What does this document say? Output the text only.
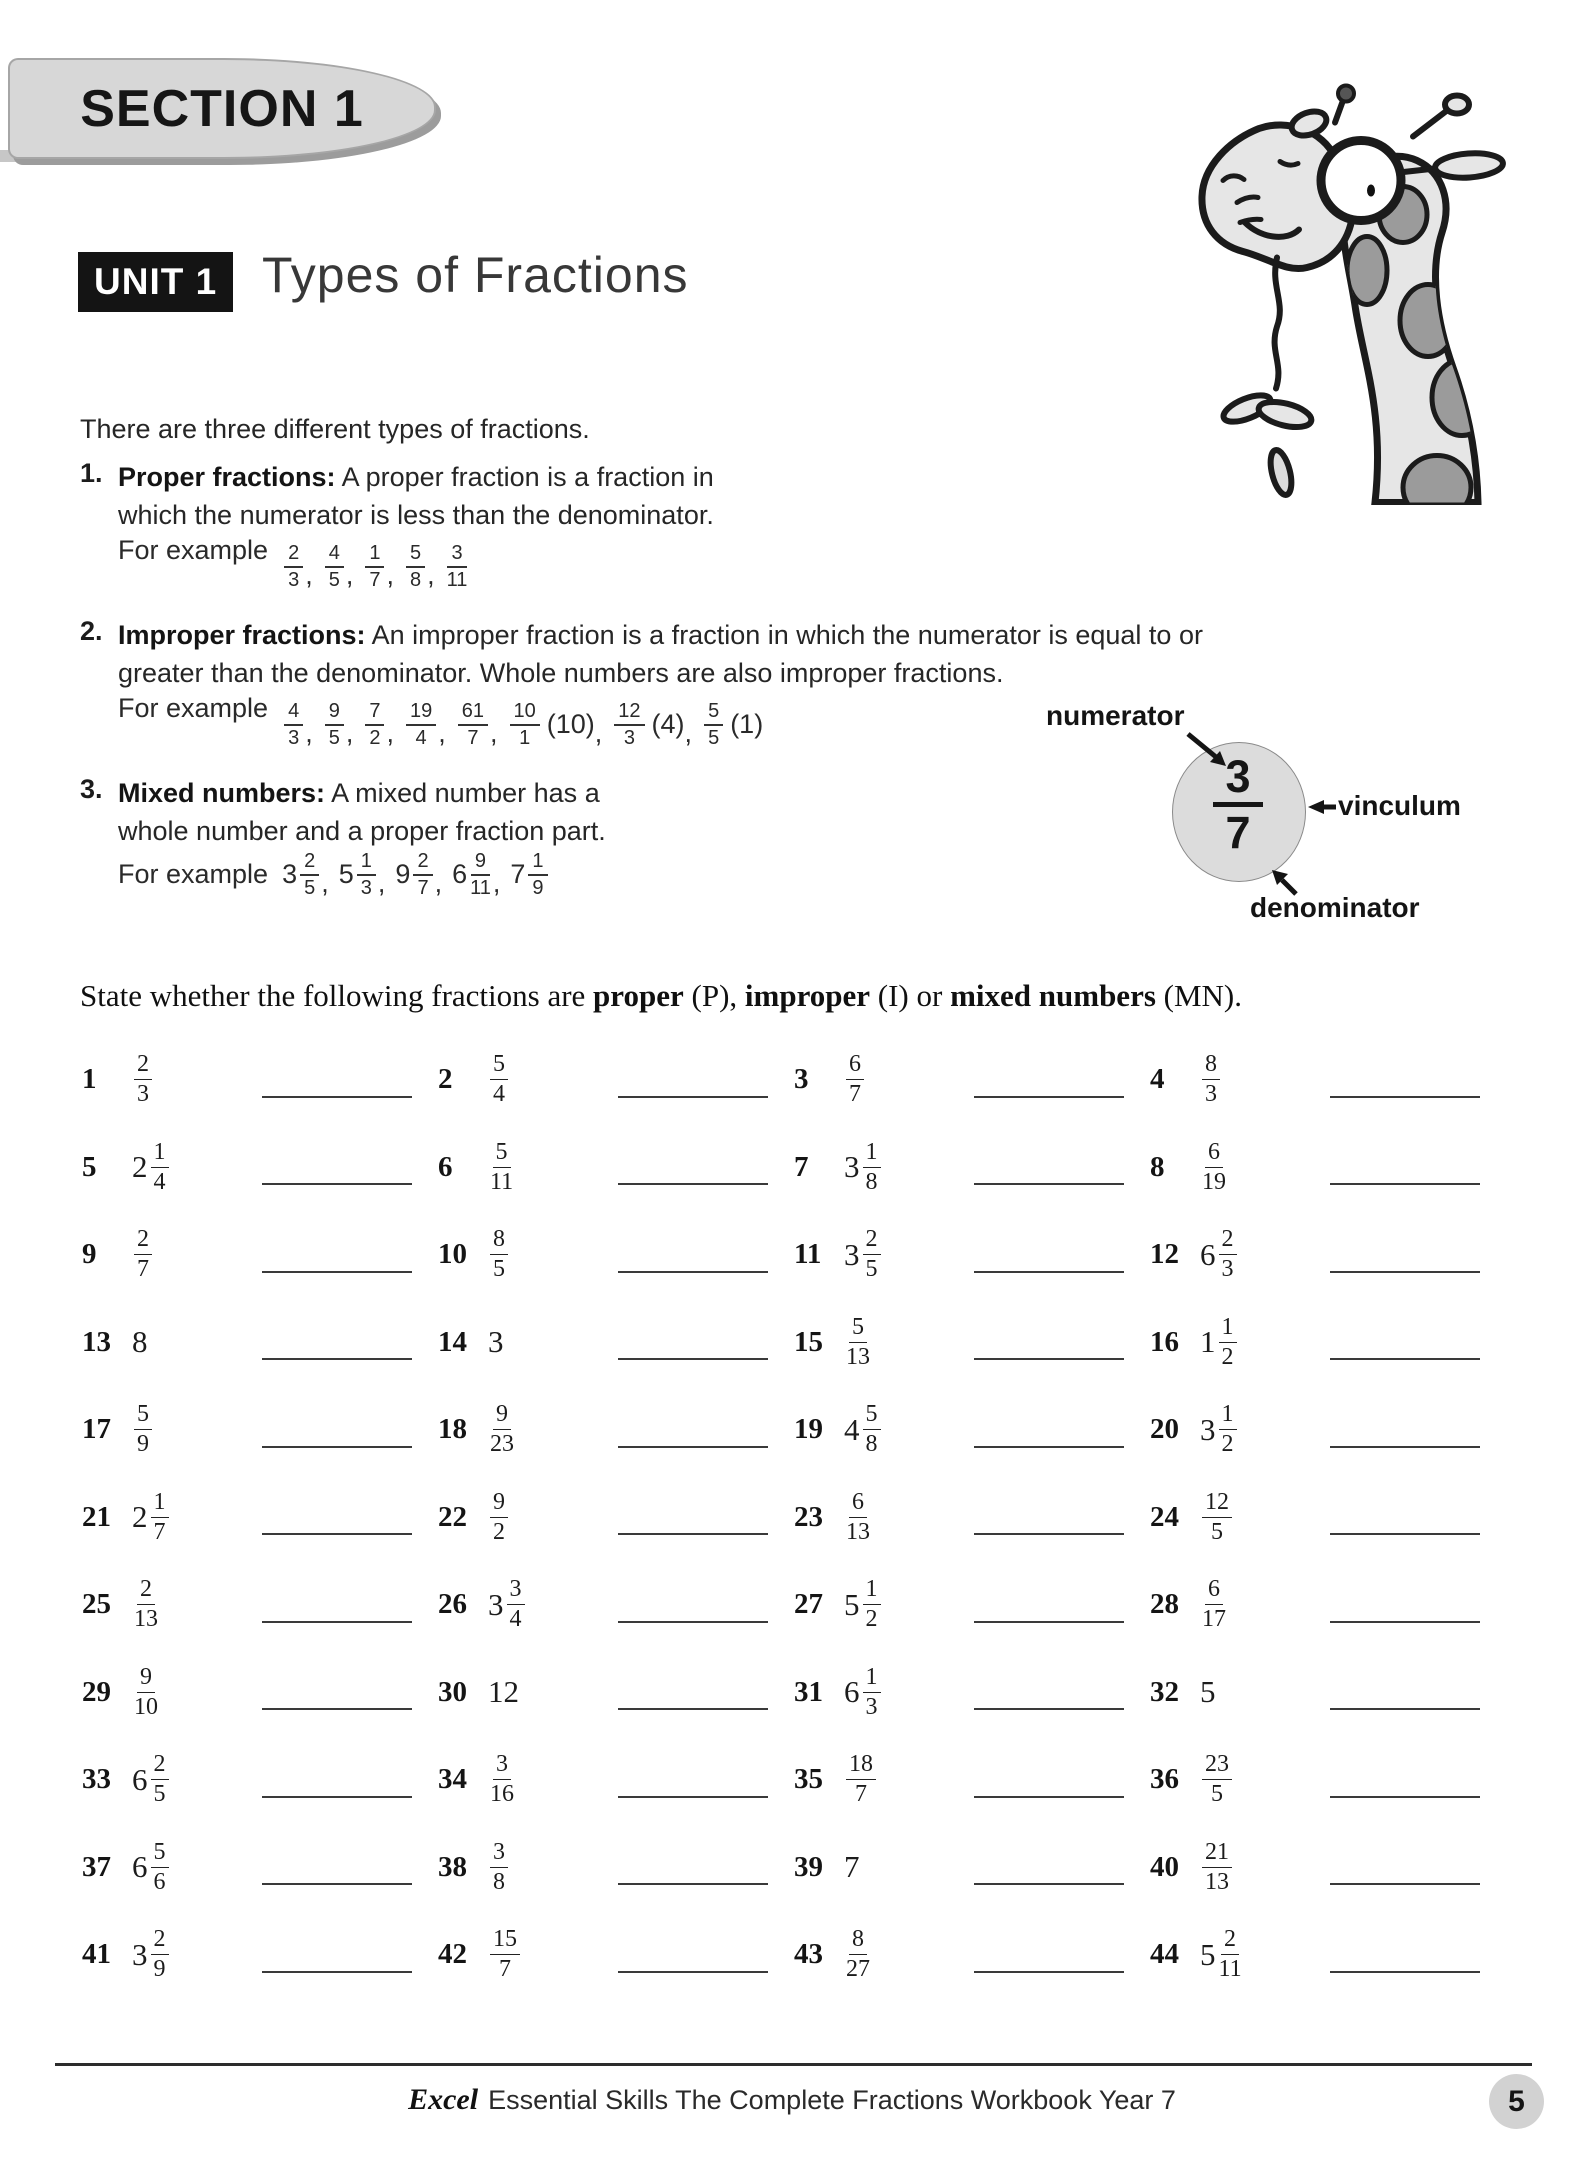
SECTION 1
UNIT 1 Types of Fractions
There are three different types of fractions.
1. Proper fractions: A proper fraction is a fraction in which the numerator is less than the denominator.

For example $\frac{2}{3}$ , $\frac{4}{5}$ , $\frac{1}{7}$ , $\frac{5}{8}$ , $\frac{3}{11}$

2. Improper fractions: An improper fraction is a fraction in which the numerator is equal to or greater than the denominator. Whole numbers are also improper fractions.

For example $\frac{4}{3}$ , $\frac{9}{5}$ , $\frac{7}{2}$ , $\frac{19}{4}$ , $\frac{61}{7}$ , $\frac{10}{1} (10)$ , $\frac{12}{3} (4)$ , $\frac{5}{5} (1)$

3. Mixed numbers: A mixed number has a whole number and a proper fraction part.

For example $3 \frac{2}{5}$ , $5 \frac{1}{3}$ , $9 \frac{2}{7}$ , $6 \frac{9}{11}$ , $7 \frac{1}{9}$

3
7
numerator
vinculum
denominator
State whether the following fractions are proper (P), improper (I) or mixed numbers (MN).
1	$\frac{2}{3}$	2	$\frac{5}{4}$	3	$\frac{6}{7}$	4	$\frac{8}{3}$
5	$2 \frac{1}{4}$	6	$\frac{5}{11}$	7	$3 \frac{1}{8}$	8	$\frac{6}{19}$
9	$\frac{2}{7}$	$10 \frac{8}{5}$	11 $3 \frac{2}{5}$	12 $6 \frac{2}{3}$
13 8	14 3	$15 \frac{5}{13}$	16 $1 \frac{1}{2}$
$17 \frac{5}{9}$	$18 \frac{9}{23}$	19 $4 \frac{5}{8}$	20 $3 \frac{1}{2}$
21 $2 \frac{1}{7}$	$22 \frac{9}{2}$	$23 \frac{6}{13}$	$24 \frac{12}{5}$
$25 \frac{2}{13}$	26 $3 \frac{3}{4}$	27 $5 \frac{1}{2}$	$28 \frac{6}{17}$
$29 \frac{9}{10}$	30 12	31 $6 \frac{1}{3}$	32 5
33 $6 \frac{2}{5}$	$34 \frac{3}{16}$	$35 \frac{18}{7}$	$36 \frac{23}{5}$
37 $6 \frac{5}{6}$	$38 \frac{3}{8}$	39 7	$40 \frac{21}{13}$
41 $3 \frac{2}{9}$	$42 \frac{15}{7}$	$43 \frac{8}{27}$	44 $5 \frac{2}{11}$
Excel Essential Skills The Complete Fractions Workbook Year 7	5
